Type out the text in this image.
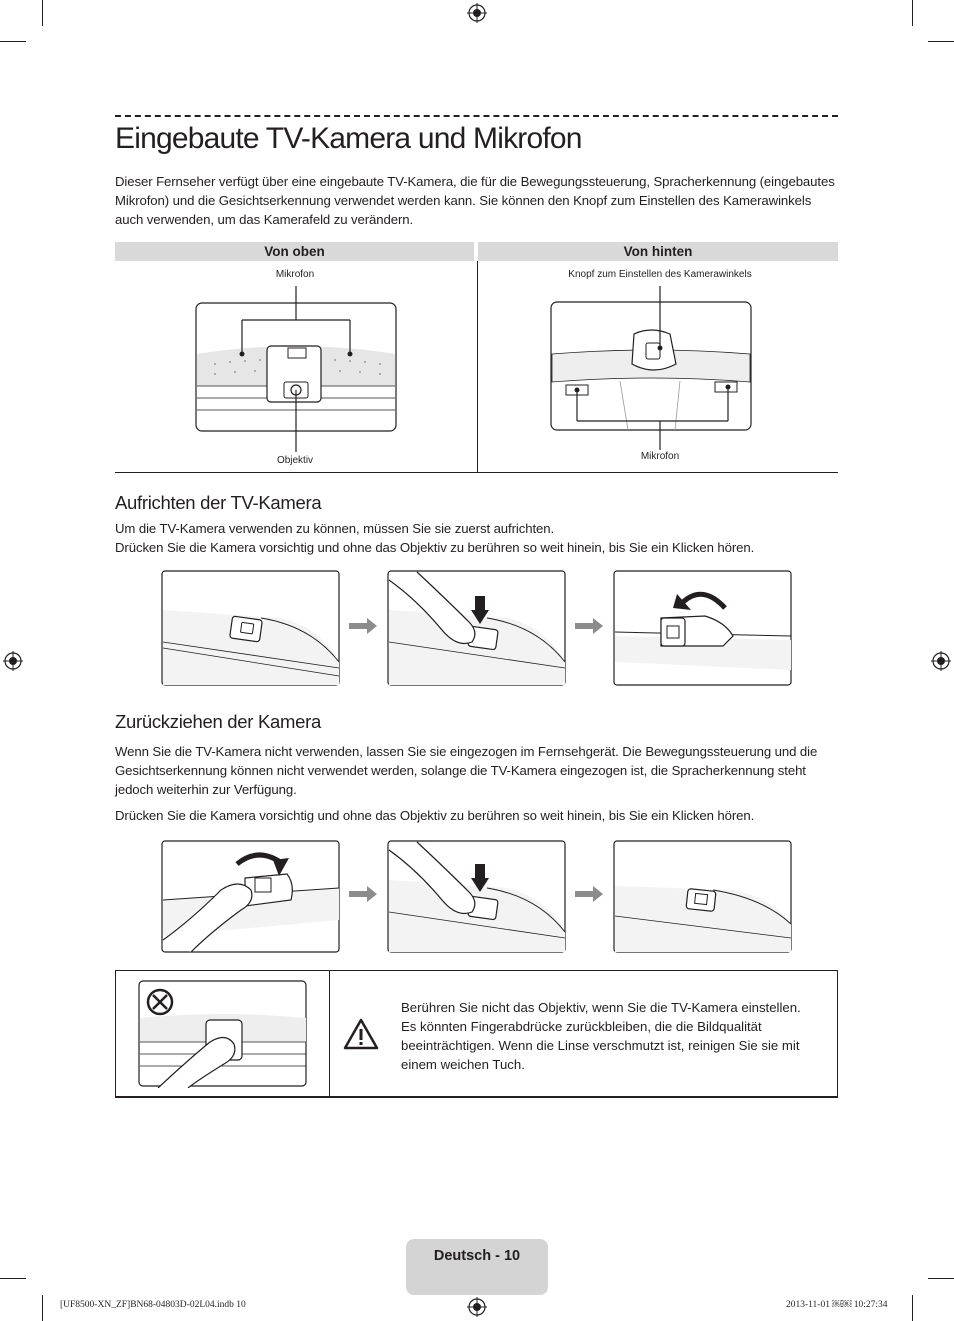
Eingebaute TV-Kamera und Mikrofon

Dieser Fernseher verfügt über eine eingebaute TV-Kamera, die für die Bewegungssteuerung, Spracherkennung (eingebautes Mikrofon) und die Gesichtserkennung verwendet werden kann. Sie können den Knopf zum Einstellen des Kamerawinkels auch verwenden, um das Kamerafeld zu verändern.

Von oben	Von hinten
Mikrofon
Objektiv
Knopf zum Einstellen des Kamerawinkels
Mikrofon
Aufrichten der TV-Kamera

Um die TV-Kamera verwenden zu können, müssen Sie sie zuerst aufrichten.

Drücken Sie die Kamera vorsichtig und ohne das Objektiv zu berühren so weit hinein, bis Sie ein Klicken hören.

Zurückziehen der Kamera

Wenn Sie die TV-Kamera nicht verwenden, lassen Sie sie eingezogen im Fernsehgerät. Die Bewegungssteuerung und die Gesichtserkennung können nicht verwendet werden, solange die TV-Kamera eingezogen ist, die Spracherkennung steht jedoch weiterhin zur Verfügung.

Drücken Sie die Kamera vorsichtig und ohne das Objektiv zu berühren so weit hinein, bis Sie ein Klicken hören.

Berühren Sie nicht das Objektiv, wenn Sie die TV-Kamera einstellen.
Es könnten Fingerabdrücke zurückbleiben, die die Bildqualität beeinträchtigen. Wenn die Linse verschmutzt ist, reinigen Sie sie mit einem weichen Tuch.

Deutsch - 10
[UF8500-XN_ZF]BN68-04803D-02L04.indb 10	2013-11-01 ￼￼ 10:27:34
